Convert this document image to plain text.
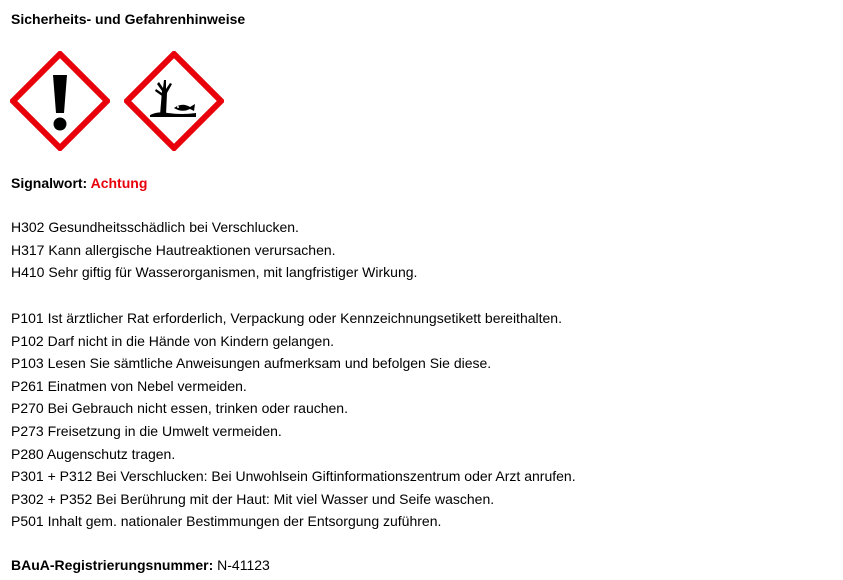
Sicherheits- und Gefahrenhinweise
Signalwort: Achtung
H302 Gesundheitsschädlich bei Verschlucken.
H317 Kann allergische Hautreaktionen verursachen.
H410 Sehr giftig für Wasserorganismen, mit langfristiger Wirkung.
P101 Ist ärztlicher Rat erforderlich, Verpackung oder Kennzeichnungsetikett bereithalten.
P102 Darf nicht in die Hände von Kindern gelangen.
P103 Lesen Sie sämtliche Anweisungen aufmerksam und befolgen Sie diese.
P261 Einatmen von Nebel vermeiden.
P270 Bei Gebrauch nicht essen, trinken oder rauchen.
P273 Freisetzung in die Umwelt vermeiden.
P280 Augenschutz tragen.
P301 + P312 Bei Verschlucken: Bei Unwohlsein Giftinformationszentrum oder Arzt anrufen.
P302 + P352 Bei Berührung mit der Haut: Mit viel Wasser und Seife waschen.
P501 Inhalt gem. nationaler Bestimmungen der Entsorgung zuführen.
BAuA-Registrierungsnummer: N-41123
